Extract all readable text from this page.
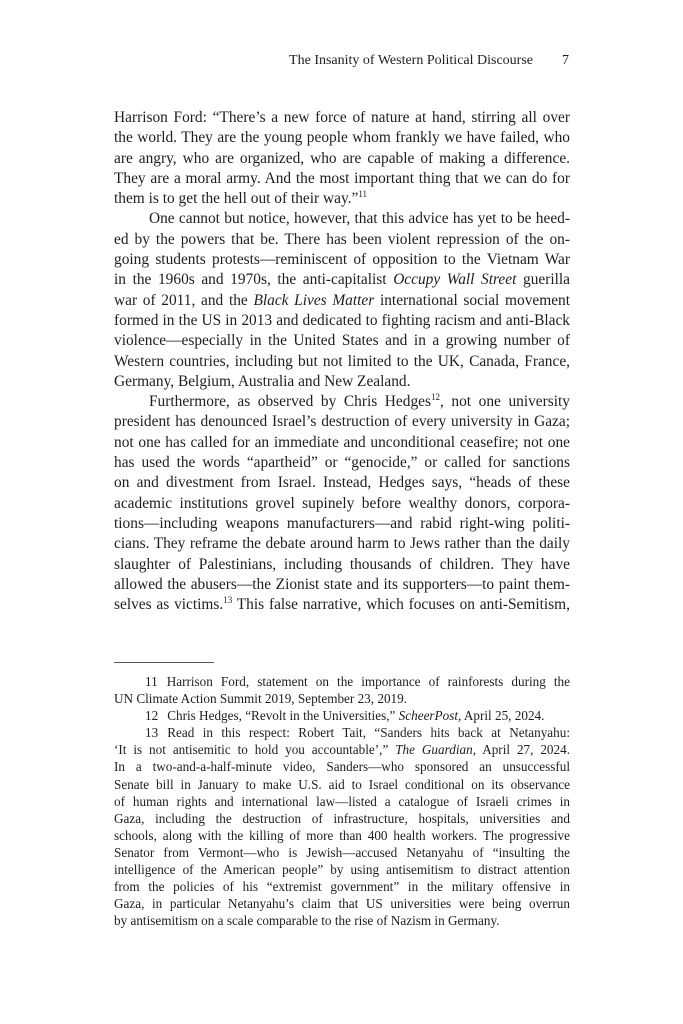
The Insanity of Western Political Discourse 7

Harrison Ford: “There’s a new force of nature at hand, stirring all over
the world. They are the young people whom frankly we have failed, who
are angry, who are organized, who are capable of making a difference.
They are a moral army. And the most important thing that we can do for
them is to get the hell out of their way.”$^{11}$

One cannot but notice, however, that this advice has yet to be heed-
ed by the powers that be. There has been violent repression of the on-
going students protests—reminiscent of opposition to the Vietnam War
in the 1960s and 1970s, the anti-capitalist Occupy Wall Street guerilla
war of 2011, and the Black Lives Matter international social movement
formed in the US in 2013 and dedicated to fighting racism and anti-Black
violence—especially in the United States and in a growing number of
Western countries, including but not limited to the UK, Canada, France,
Germany, Belgium, Australia and New Zealand.

Furthermore, as observed by Chris Hedges$^{12}$, not one university
president has denounced Israel’s destruction of every university in Gaza;
not one has called for an immediate and unconditional ceasefire; not one
has used the words “apartheid” or “genocide,” or called for sanctions
on and divestment from Israel. Instead, Hedges says, “heads of these
academic institutions grovel supinely before wealthy donors, corpora-
tions—including weapons manufacturers—and rabid right-wing politi-
cians. They reframe the debate around harm to Jews rather than the daily
slaughter of Palestinians, including thousands of children. They have
allowed the abusers—the Zionist state and its supporters—to paint them-
selves as victims.$^{13}$ This false narrative, which focuses on anti-Semitism,

11 Harrison Ford, statement on the importance of rainforests during the
UN Climate Action Summit 2019, September 23, 2019.
12 Chris Hedges, “Revolt in the Universities,” ScheerPost, April 25, 2024.
13 Read in this respect: Robert Tait, “Sanders hits back at Netanyahu:
‘It is not antisemitic to hold you accountable’,” The Guardian, April 27, 2024.
In a two-and-a-half-minute video, Sanders—who sponsored an unsuccessful
Senate bill in January to make U.S. aid to Israel conditional on its observance
of human rights and international law—listed a catalogue of Israeli crimes in
Gaza, including the destruction of infrastructure, hospitals, universities and
schools, along with the killing of more than 400 health workers. The progressive
Senator from Vermont—who is Jewish—accused Netanyahu of “insulting the
intelligence of the American people” by using antisemitism to distract attention
from the policies of his “extremist government” in the military offensive in
Gaza, in particular Netanyahu’s claim that US universities were being overrun
by antisemitism on a scale comparable to the rise of Nazism in Germany.
